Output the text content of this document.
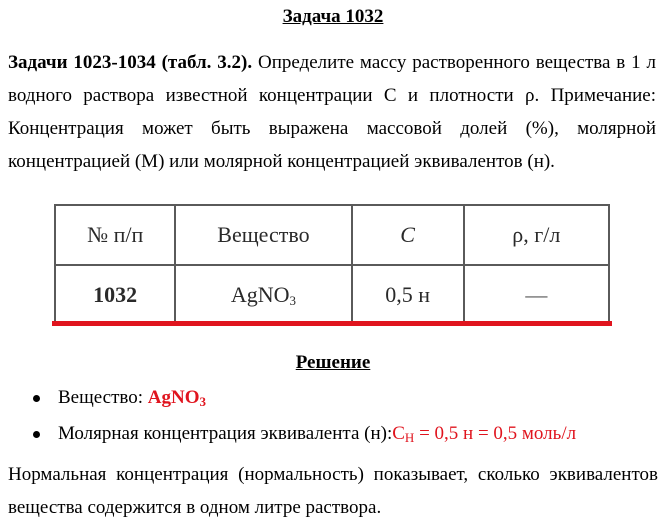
Задача 1032
Задачи 1023-1034 (табл. 3.2). Определите массу растворенного вещества в 1 л водного раствора известной концентрации С и плотности ρ. Примечание: Концентрация может быть выражена массовой долей (%), молярной концентрацией (М) или молярной концентрацией эквивалентов (н).
№ п/п	Вещество	C	ρ, г/л
1032	AgNO$_3$	0,5 н	—
Решение
Вещество: AgNO$_3$
Молярная концентрация эквивалента $(н):C_Н = 0,5$ н = 0,5 моль/л
Нормальная концентрация (нормальность) показывает, сколько эквивалентов вещества содержится в одном литре раствора.
